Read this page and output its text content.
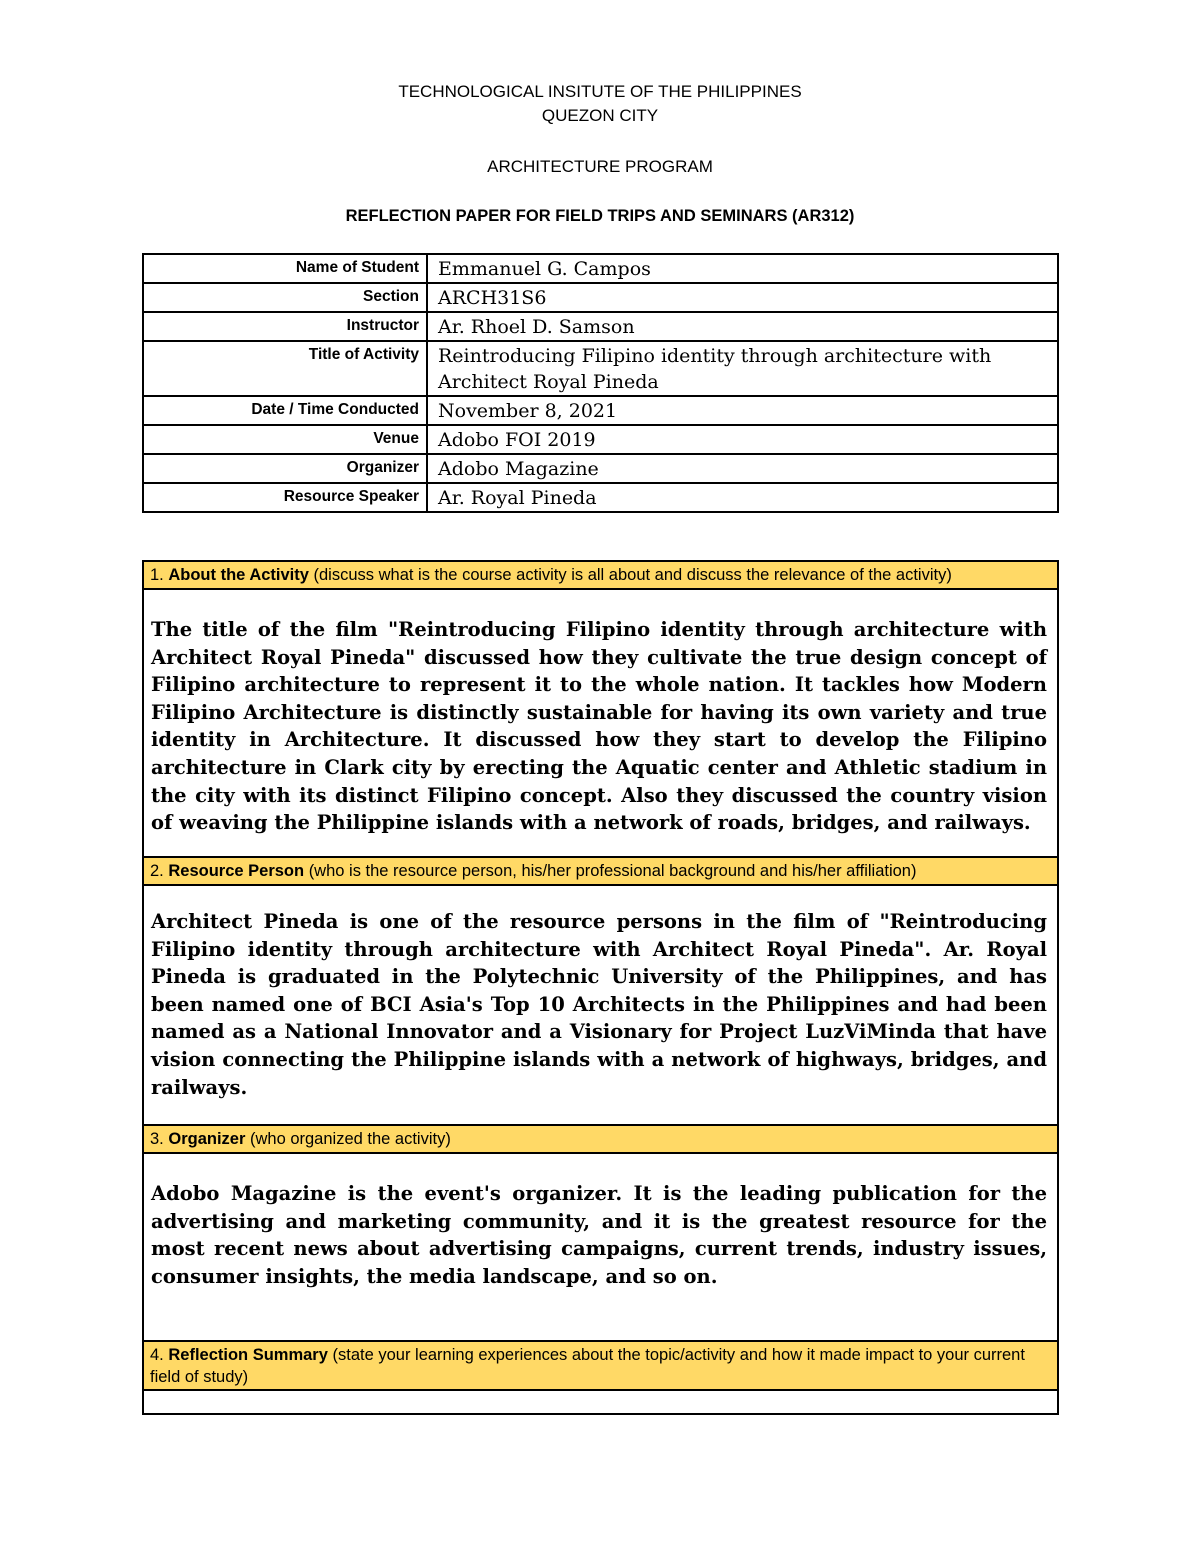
TECHNOLOGICAL INSITUTE OF THE PHILIPPINES
QUEZON CITY
ARCHITECTURE PROGRAM
REFLECTION PAPER FOR FIELD TRIPS AND SEMINARS (AR312)
Name of Student	Emmanuel G. Campos
Section	ARCH31S6
Instructor	Ar. Rhoel D. Samson
Title of Activity	Reintroducing Filipino identity through architecture with Architect Royal Pineda
Date / Time Conducted	November 8, 2021
Venue	Adobo FOI 2019
Organizer	Adobo Magazine
Resource Speaker	Ar. Royal Pineda
1. About the Activity (discuss what is the course activity is all about and discuss the relevance of the activity)
The title of the film "Reintroducing Filipino identity through architecture with Architect Royal Pineda" discussed how they cultivate the true design concept of Filipino architecture to represent it to the whole nation. It tackles how Modern Filipino Architecture is distinctly sustainable for having its own variety and true identity in Architecture. It discussed how they start to develop the Filipino architecture in Clark city by erecting the Aquatic center and Athletic stadium in the city with its distinct Filipino concept. Also they discussed the country vision of weaving the Philippine islands with a network of roads, bridges, and railways.
2. Resource Person (who is the resource person, his/her professional background and his/her affiliation)
Architect Pineda is one of the resource persons in the film of "Reintroducing Filipino identity through architecture with Architect Royal Pineda". Ar. Royal Pineda is graduated in the Polytechnic University of the Philippines, and has been named one of BCI Asia's Top 10 Architects in the Philippines and had been named as a National Innovator and a Visionary for Project LuzViMinda that have vision connecting the Philippine islands with a network of highways, bridges, and railways.
3. Organizer (who organized the activity)
Adobo Magazine is the event's organizer. It is the leading publication for the advertising and marketing community, and it is the greatest resource for the most recent news about advertising campaigns, current trends, industry issues, consumer insights, the media landscape, and so on.
4. Reflection Summary (state your learning experiences about the topic/activity and how it made impact to your current field of study)
